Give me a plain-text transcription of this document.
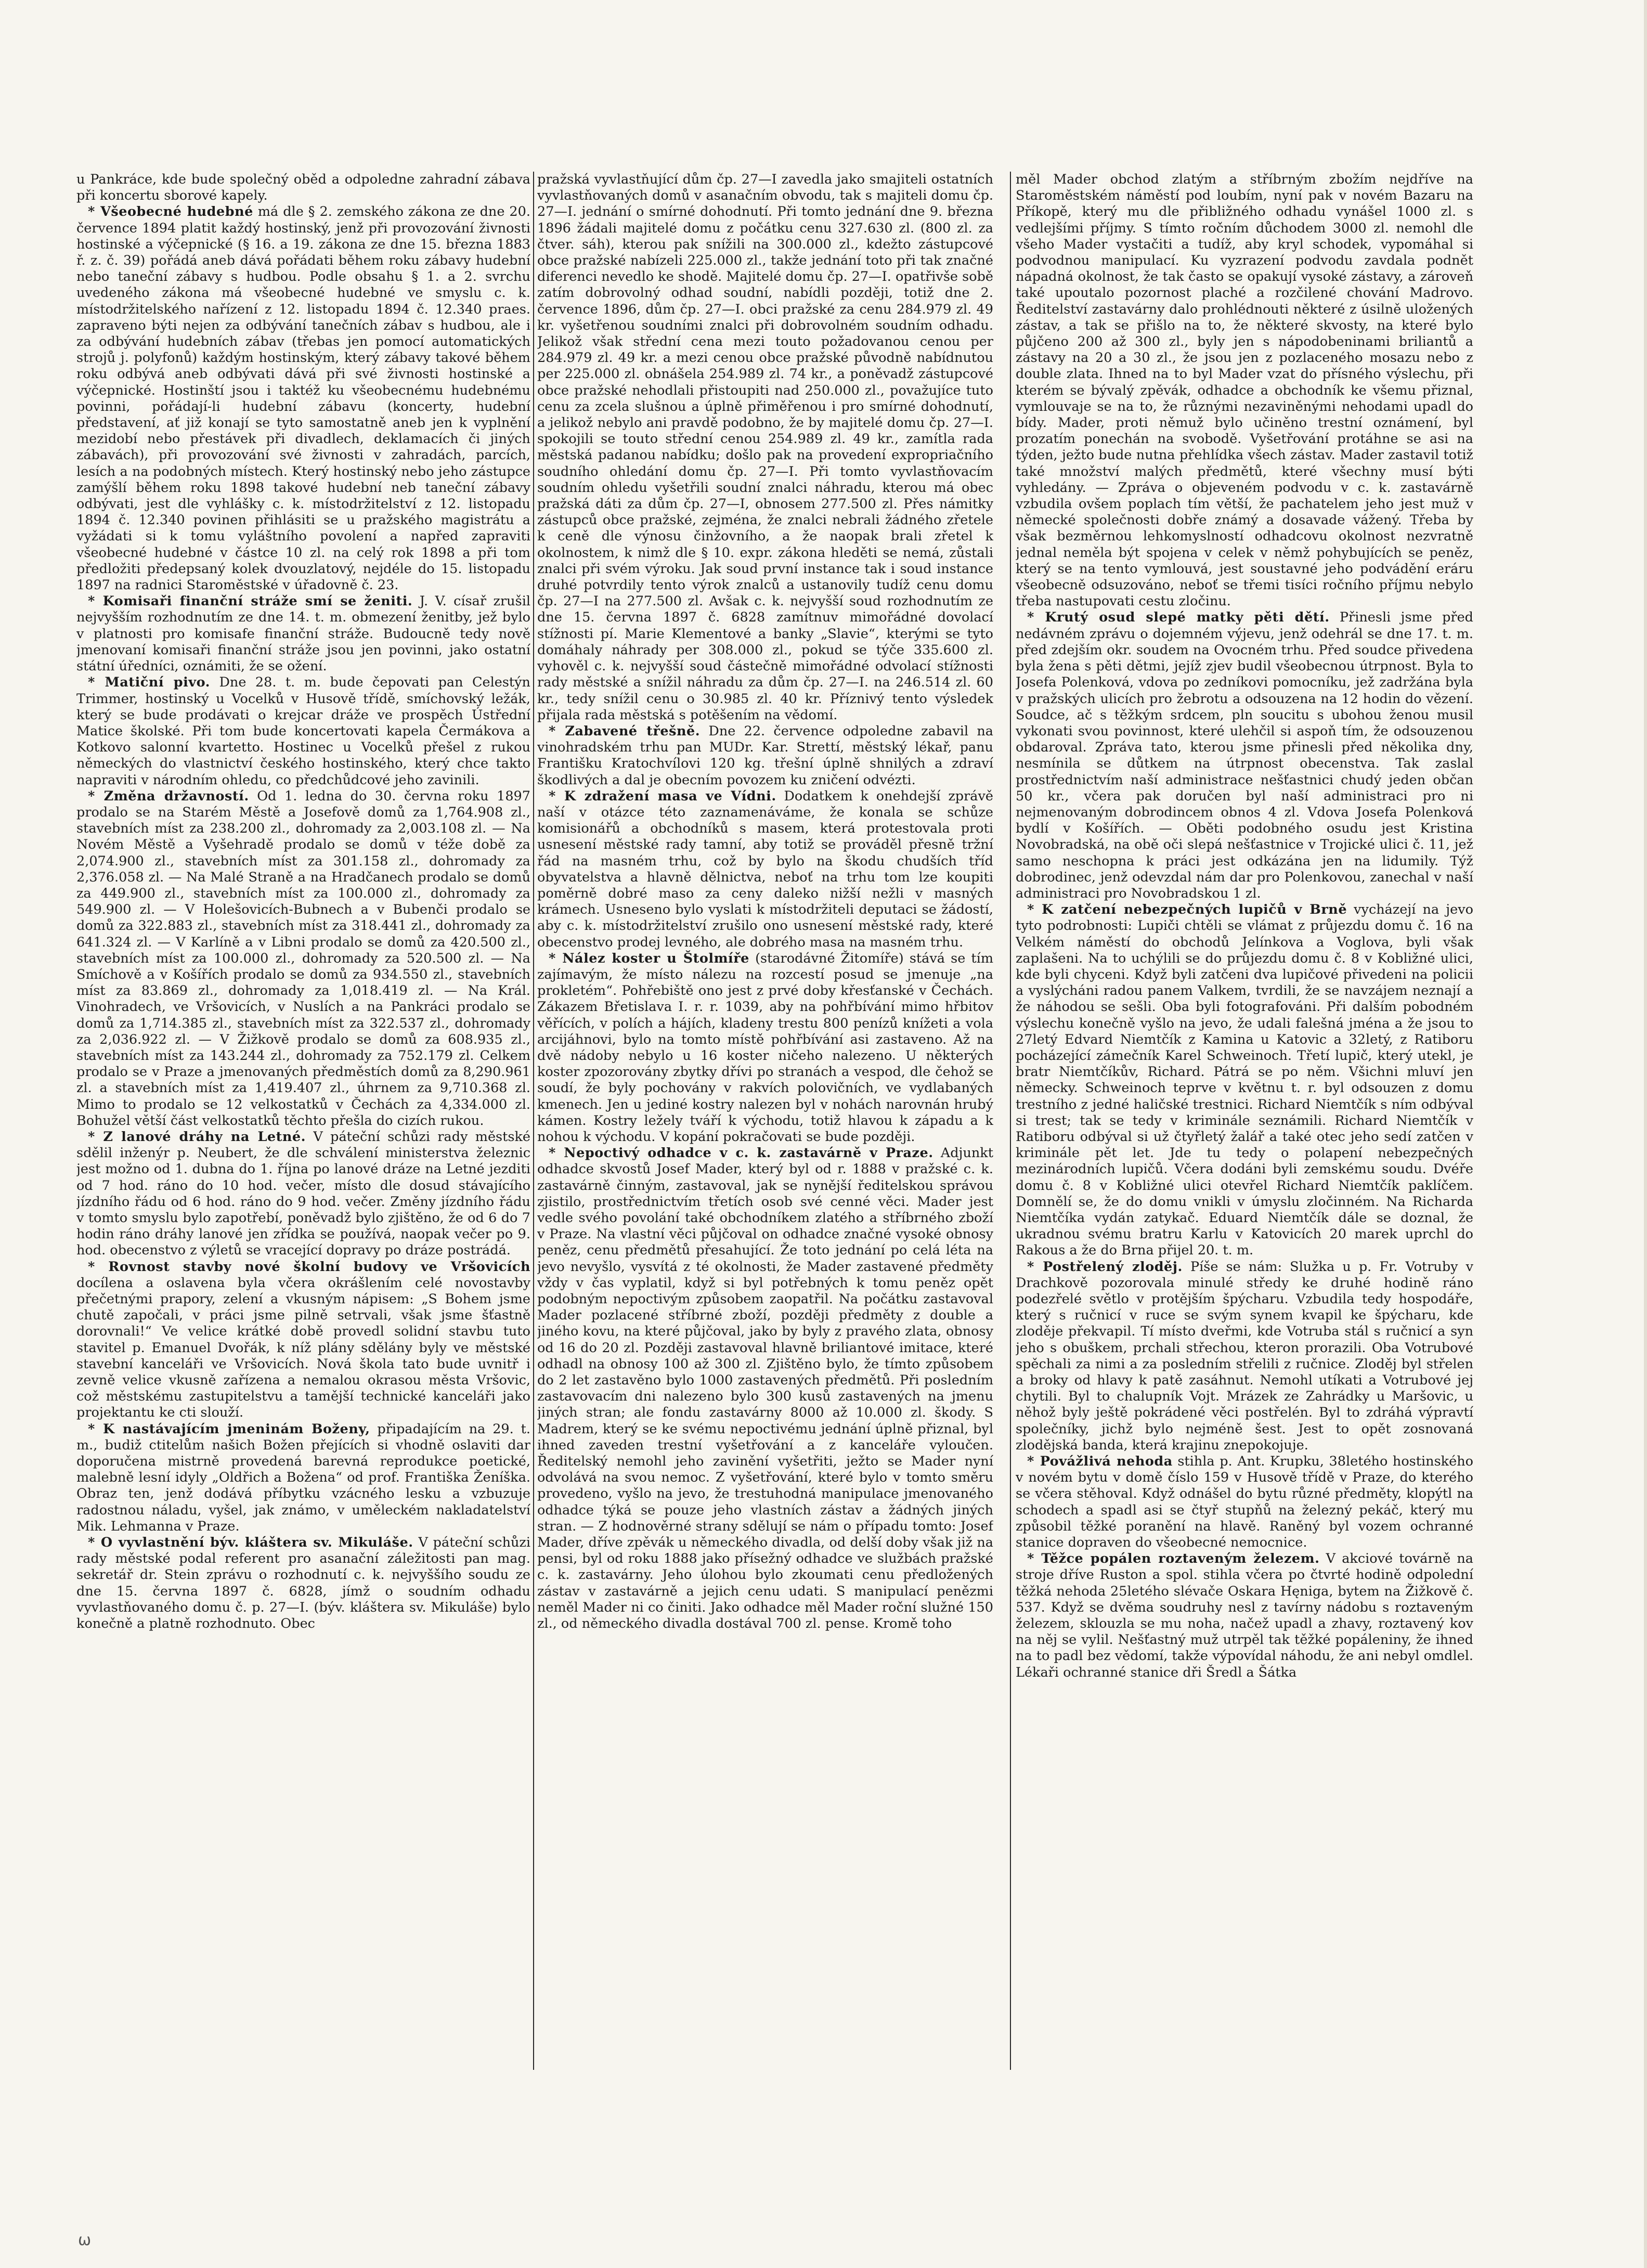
u Pankráce, kde bude společný oběd a odpoledne zahradní zábava při koncertu sborové kapely.

* Všeobecné hudebné má dle § 2. zemského zákona ze dne 20. července 1894 platit každý hostinský, jenž při provozování živnosti hostinské a výčepnické (§ 16. a 19. zákona ze dne 15. března 1883 ř. z. č. 39) pořádá aneb dává pořádati během roku zábavy hudební nebo taneční zábavy s hudbou. Podle obsahu § 1. a 2. svrchu uvedeného zákona má všeobecné hudebné ve smyslu c. k. místodržitelského nařízení z 12. listopadu 1894 č. 12.340 praes. zapraveno býti nejen za odbývání tanečních zábav s hudbou, ale i za odbývání hudebních zábav (třebas jen pomocí automatických strojů j. polyfonů) každým hostinským, který zábavy takové během roku odbývá aneb odbývati dává při své živnosti hostinské a výčepnické. Hostinští jsou i taktéž ku všeobecnému hudebnému povinni, pořádají-li hudební zábavu (koncerty, hudební představení, ať již konají se tyto samostatně aneb jen k vyplnění mezidobí nebo přestávek při divadlech, deklamacích či jiných zábavách), při provozování své živnosti v zahradách, parcích, lesích a na podobných místech. Který hostinský nebo jeho zástupce zamýšlí během roku 1898 takové hudební neb taneční zábavy odbývati, jest dle vyhlášky c. k. místodržitelství z 12. listopadu 1894 č. 12.340 povinen přihlásiti se u pražského magistrátu a vyžádati si k tomu vyláštního povolení a napřed zapraviti všeobecné hudebné v částce 10 zl. na celý rok 1898 a při tom předložiti předepsaný kolek dvouzlatový, nejdéle do 15. listopadu 1897 na radnici Staroměstské v úřadovně č. 23.

* Komisaři finanční stráže smí se ženiti. J. V. císař zrušil nejvyšším rozhodnutím ze dne 14. t. m. obmezení ženitby, jež bylo v platnosti pro komisafe finanční stráže. Budoucně tedy nově jmenovaní komisaři finanční stráže jsou jen povinni, jako ostatní státní úředníci, oznámiti, že se ožení.

* Matiční pivo. Dne 28. t. m. bude čepovati pan Celestýn Trimmer, hostinský u Vocelků v Husově třídě, smíchovský ležák, který se bude prodávati o krejcar dráže ve prospěch Ústřední Matice školské. Při tom bude koncertovati kapela Čermákova a Kotkovo salonní kvartetto. Hostinec u Vocelků přešel z rukou německých do vlastnictví českého hostinského, který chce takto napraviti v národním ohledu, co předchůdcové jeho zavinili.

* Změna državností. Od 1. ledna do 30. června roku 1897 prodalo se na Starém Městě a Josefově domů za 1,764.908 zl., stavebních míst za 238.200 zl., dohromady za 2,003.108 zl. — Na Novém Městě a Vyšehradě prodalo se domů v téže době za 2,074.900 zl., stavebních míst za 301.158 zl., dohromady za 2,376.058 zl. — Na Malé Straně a na Hradčanech prodalo se domů za 449.900 zl., stavebních míst za 100.000 zl., dohromady za 549.900 zl. — V Holešovicích-Bubnech a v Bubenči prodalo se domů za 322.883 zl., stavebních míst za 318.441 zl., dohromady za 641.324 zl. — V Karlíně a v Libni prodalo se domů za 420.500 zl., stavebních míst za 100.000 zl., dohromady za 520.500 zl. — Na Smíchově a v Košířích prodalo se domů za 934.550 zl., stavebních míst za 83.869 zl., dohromady za 1,018.419 zl. — Na Král. Vinohradech, ve Vršovicích, v Nuslích a na Pankráci prodalo se domů za 1,714.385 zl., stavebních míst za 322.537 zl., dohromady za 2,036.922 zl. — V Žižkově prodalo se domů za 608.935 zl., stavebních míst za 143.244 zl., dohromady za 752.179 zl. Celkem prodalo se v Praze a jmenovaných předměstích domů za 8,290.961 zl. a stavebních míst za 1,419.407 zl., úhrnem za 9,710.368 zl. Mimo to prodalo se 12 velkostatků v Čechách za 4,334.000 zl. Bohužel větší část velkostatků těchto přešla do cizích rukou.

* Z lanové dráhy na Letné. V páteční schůzi rady městské sdělil inženýr p. Neubert, že dle schválení ministerstva železnic jest možno od 1. dubna do 1. října po lanové dráze na Letné jezditi od 7 hod. ráno do 10 hod. večer, místo dle dosud stávajícího jízdního řádu od 6 hod. ráno do 9 hod. večer. Změny jízdního řádu v tomto smyslu bylo zapotřebí, poněvadž bylo zjištěno, že od 6 do 7 hodin ráno dráhy lanové jen zřídka se používá, naopak večer po 9. hod. obecenstvo z výletů se vracející dopravy po dráze postrádá.

* Rovnost stavby nové školní budovy ve Vršovicích docílena a oslavena byla včera okrášlením celé novostavby přečetnými prapory, zelení a vkusným nápisem: „S Bohem jsme chutě započali, v práci jsme pilně setrvali, však jsme šťastně dorovnali!“ Ve velice krátké době provedl solidní stavbu tuto stavitel p. Emanuel Dvořák, k níž plány sdělány byly ve městské stavební kanceláři ve Vršovicích. Nová škola tato bude uvnitř i zevně velice vkusně zařízena a nemalou okrasou města Vršovic, což městskému zastupitelstvu a tamější technické kanceláři jako projektantu ke cti slouží.

* K nastávajícím jmeninám Boženy, připadajícím na 29. t. m., budiž ctitelům našich Božen přejících si vhodně oslaviti dar doporučena mistrně provedená barevná reprodukce poetické, malebně lesní idyly „Oldřich a Božena“ od prof. Františka Ženíška. Obraz ten, jenž dodává příbytku vzácného lesku a vzbuzuje radostnou náladu, vyšel, jak známo, v uměleckém nakladatelství Mik. Lehmanna v Praze.

* O vyvlastnění býv. kláštera sv. Mikuláše. V páteční schůzi rady městské podal referent pro asanační záležitosti pan mag. sekretář dr. Stein zprávu o rozhodnutí c. k. nejvyššího soudu ze dne 15. června 1897 č. 6828, jímž o soudním odhadu vyvlastňovaného domu č. p. 27—I. (býv. kláštera sv. Mikuláše) bylo konečně a platně rozhodnuto. Obec

pražská vyvlastňující dům čp. 27—I zavedla jako smajiteli ostatních vyvlastňovaných domů v asanačním obvodu, tak s majiteli domu čp. 27—I. jednání o smírné dohodnutí. Při tomto jednání dne 9. března 1896 žádali majitelé domu z počátku cenu 327.630 zl. (800 zl. za čtver. sáh), kterou pak snížili na 300.000 zl., kdežto zástupcové obce pražské nabízeli 225.000 zl., takže jednání toto při tak značné diferenci nevedlo ke shodě. Majitelé domu čp. 27—I. opatřivše sobě zatím dobrovolný odhad soudní, nabídli později, totiž dne 2. července 1896, dům čp. 27—I. obci pražské za cenu 284.979 zl. 49 kr. vyšetřenou soudními znalci při dobrovolném soudním odhadu. Jelikož však střední cena mezi touto požadovanou cenou per 284.979 zl. 49 kr. a mezi cenou obce pražské původně nabídnutou per 225.000 zl. obnášela 254.989 zl. 74 kr., a poněvadž zástupcové obce pražské nehodlali přistoupiti nad 250.000 zl., považujíce tuto cenu za zcela slušnou a úplně přiměřenou i pro smírné dohodnutí, a jelikož nebylo ani pravdě podobno, že by majitelé domu čp. 27—I. spokojili se touto střední cenou 254.989 zl. 49 kr., zamítla rada městská padanou nabídku; došlo pak na provedení expropriačního soudního ohledání domu čp. 27—I. Při tomto vyvlastňovacím soudním ohledu vyšetřili soudní znalci náhradu, kterou má obec pražská dáti za dům čp. 27—I, obnosem 277.500 zl. Přes námitky zástupců obce pražské, zejména, že znalci nebrali žádného zřetele k ceně dle výnosu činžovního, a že naopak brali zřetel k okolnostem, k nimž dle § 10. expr. zákona hleděti se nemá, zůstali znalci při svém výroku. Jak soud první instance tak i soud instance druhé potvrdily tento výrok znalců a ustanovily tudíž cenu domu čp. 27—I na 277.500 zl. Avšak c. k. nejvyšší soud rozhodnutím ze dne 15. června 1897 č. 6828 zamítnuv mimořádné dovolací stížnosti pí. Marie Klementové a banky „Slavie“, kterými se tyto domáhaly náhrady per 308.000 zl., pokud se týče 335.600 zl. vyhověl c. k. nejvyšší soud částečně mimořádné odvolací stížnosti rady městské a snížil náhradu za dům čp. 27—I. na 246.514 zl. 60 kr., tedy snížil cenu o 30.985 zl. 40 kr. Příznivý tento výsledek přijala rada městská s potěšením na vědomí.

* Zabavené třešně. Dne 22. července odpoledne zabavil na vinohradském trhu pan MUDr. Kar. Strettí, městský lékař, panu Františku Kratochvílovi 120 kg. třešní úplně shnilých a zdraví škodlivých a dal je obecním povozem ku zničení odvézti.

* K zdražení masa ve Vídni. Dodatkem k onehdejší zprávě naší v otázce této zaznamenáváme, že konala se schůze komisionářů a obchodníků s masem, která protestovala proti usnesení městské rady tamní, aby totiž se prováděl přesně tržní řád na masném trhu, což by bylo na škodu chudších tříd obyvatelstva a hlavně dělnictva, neboť na trhu tom lze koupiti poměrně dobré maso za ceny daleko nižší nežli v masných krámech. Usneseno bylo vyslati k místodržiteli deputaci se žádostí, aby c. k. místodržitelství zrušilo ono usnesení městské rady, které obecenstvo prodej levného, ale dobrého masa na masném trhu.

* Nález koster u Štolmíře (starodávné Žitomíře) stává se tím zajímavým, že místo nálezu na rozcestí posud se jmenuje „na prokletém“. Pohřebiště ono jest z prvé doby křesťanské v Čechách. Zákazem Břetislava I. r. r. 1039, aby na pohřbívání mimo hřbitov věřících, v polích a hájích, kladeny trestu 800 penízů knížeti a vola arcijáhnovi, bylo na tomto místě pohřbívání asi zastaveno. Až na dvě nádoby nebylo u 16 koster ničeho nalezeno. U některých koster zpozorovány zbytky dřívi po stranách a vespod, dle čehož se soudí, že byly pochovány v rakvích polovičních, ve vydlabaných kmenech. Jen u jediné kostry nalezen byl v nohách narovnán hrubý kámen. Kostry ležely tváří k východu, totiž hlavou k západu a k nohou k východu. V kopání pokračovati se bude později.

* Nepoctivý odhadce v c. k. zastavárně v Praze. Adjunkt odhadce skvostů Josef Mader, který byl od r. 1888 v pražské c. k. zastavárně činným, zastavoval, jak se nynější ředitelskou správou zjistilo, prostřednictvím třetích osob své cenné věci. Mader jest vedle svého povolání také obchodníkem zlatého a stříbrného zboží v Praze. Na vlastní věci půjčoval on odhadce značné vysoké obnosy peněz, cenu předmětů přesahující. Že toto jednání po celá léta na jevo nevyšlo, vysvítá z té okolnosti, že Mader zastavené předměty vždy v čas vyplatil, když si byl potřebných k tomu peněz opět podobným nepoctivým způsobem zaopatřil. Na počátku zastavoval Mader pozlacené stříbrné zboží, později předměty z double a jiného kovu, na které půjčoval, jako by byly z pravého zlata, obnosy od 16 do 20 zl. Později zastavoval hlavně briliantové imitace, které odhadl na obnosy 100 až 300 zl. Zjištěno bylo, že tímto způsobem do 2 let zastavěno bylo 1000 zastavených předmětů. Při posledním zastavovacím dni nalezeno bylo 300 kusů zastavených na jmenu jiných stran; ale fondu zastavárny 8000 až 10.000 zl. škody. S Madrem, který se ke svému nepoctivému jednání úplně přiznal, byl ihned zaveden trestní vyšetřování a z kanceláře vyloučen. Ředitelský nemohl jeho zavinění vyšetřiti, ježto se Mader nyní odvolává na svou nemoc. Z vyšetřování, které bylo v tomto směru provedeno, vyšlo na jevo, že trestuhodná manipulace jmenovaného odhadce týká se pouze jeho vlastních zástav a žádných jiných stran. — Z hodnověrné strany sdělují se nám o případu tomto: Josef Mader, dříve zpěvák u německého divadla, od delší doby však již na pensi, byl od roku 1888 jako přísežný odhadce ve službách pražské c. k. zastavárny. Jeho úlohou bylo zkoumati cenu předložených zástav v zastavárně a jejich cenu udati. S manipulací penězmi neměl Mader ni co činiti. Jako odhadce měl Mader roční služné 150 zl., od německého divadla dostával 700 zl. pense. Kromě toho

měl Mader obchod zlatým a stříbrným zbožím nejdříve na Staroměstském náměstí pod loubím, nyní pak v novém Bazaru na Příkopě, který mu dle přibližného odhadu vynášel 1000 zl. s vedlejšími příjmy. S tímto ročním důchodem 3000 zl. nemohl dle všeho Mader vystačiti a tudíž, aby kryl schodek, vypomáhal si podvodnou manipulací. Ku vyzrazení podvodu zavdala podnět nápadná okolnost, že tak často se opakují vysoké zástavy, a zároveň také upoutalo pozornost plaché a rozčilené chování Madrovo. Ředitelství zastavárny dalo prohlédnouti některé z úsilně uložených zástav, a tak se přišlo na to, že některé skvosty, na které bylo půjčeno 200 až 300 zl., byly jen s nápodobeninami briliantů a zástavy na 20 a 30 zl., že jsou jen z pozlaceného mosazu nebo z double zlata. Ihned na to byl Mader vzat do přísného výslechu, při kterém se bývalý zpěvák, odhadce a obchodník ke všemu přiznal, vymlouvaje se na to, že různými nezaviněnými nehodami upadl do bídy. Mader, proti němuž bylo učiněno trestní oznámení, byl prozatím ponechán na svobodě. Vyšetřování protáhne se asi na týden, ježto bude nutna přehlídka všech zástav. Mader zastavil totiž také množství malých předmětů, které všechny musí býti vyhledány. — Zpráva o objeveném podvodu v c. k. zastavárně vzbudila ovšem poplach tím větší, že pachatelem jeho jest muž v německé společnosti dobře známý a dosavade vážený. Třeba by však bezměrnou lehkomyslností odhadcovu okolnost nezvratně jednal neměla být spojena v celek v němž pohybujících se peněz, který se na tento vymlouvá, jest soustavné jeho podvádění eráru všeobecně odsuzováno, neboť se třemi tisíci ročního příjmu nebylo třeba nastupovati cestu zločinu.

* Krutý osud slepé matky pěti dětí. Přinesli jsme před nedávném zprávu o dojemném výjevu, jenž odehrál se dne 17. t. m. před zdejším okr. soudem na Ovocném trhu. Před soudce přivedena byla žena s pěti dětmi, jejíž zjev budil všeobecnou útrpnost. Byla to Josefa Polenková, vdova po zedníkovi pomocníku, jež zadržána byla v pražských ulicích pro žebrotu a odsouzena na 12 hodin do vězení. Soudce, ač s těžkým srdcem, pln soucitu s ubohou ženou musil vykonati svou povinnost, které ulehčil si aspoň tím, že odsouzenou obdaroval. Zpráva tato, kterou jsme přinesli před několika dny, nesmínila se důtkem na útrpnost obecenstva. Tak zaslal prostřednictvím naší administrace nešťastnici chudý jeden občan 50 kr., včera pak doručen byl naší administraci pro ni nejmenovaným dobrodincem obnos 4 zl. Vdova Josefa Polenková bydlí v Košířích. — Oběti podobného osudu jest Kristina Novobradská, na obě oči slepá nešťastnice v Trojické ulici č. 11, jež samo neschopna k práci jest odkázána jen na lidumily. Týž dobrodinec, jenž odevzdal nám dar pro Polenkovou, zanechal v naší administraci pro Novobradskou 1 zl.

* K zatčení nebezpečných lupičů v Brně vycházejí na jevo tyto podrobnosti: Lupiči chtěli se vlámat z průjezdu domu č. 16 na Velkém náměstí do obchodů Jelínkova a Voglova, byli však zaplašeni. Na to uchýlili se do průjezdu domu č. 8 v Kobližné ulici, kde byli chyceni. Když byli zatčeni dva lupičové přivedeni na policii a vyslýcháni radou panem Valkem, tvrdili, že se navzájem neznají a že náhodou se sešli. Oba byli fotografováni. Při dalším pobodném výslechu konečně vyšlo na jevo, že udali falešná jména a že jsou to 27letý Edvard Niemtčík z Kamina u Katovic a 32letý, z Ratiboru pocházející zámečník Karel Schweinoch. Třetí lupič, který utekl, je bratr Niemtčíkův, Richard. Pátrá se po něm. Všichni mluví jen německy. Schweinoch teprve v květnu t. r. byl odsouzen z domu trestního z jedné haličské trestnici. Richard Niemtčík s ním odbýval si trest; tak se tedy v kriminále seznámili. Richard Niemtčík v Ratiboru odbýval si už čtyřletý žalář a také otec jeho sedí zatčen v kriminále pět let. Jde tu tedy o polapení nebezpečných mezinárodních lupičů. Včera dodáni byli zemskému soudu. Dvéře domu č. 8 v Kobližné ulici otevřel Richard Niemtčík paklíčem. Domnělí se, že do domu vnikli v úmyslu zločinném. Na Richarda Niemtčíka vydán zatykač. Eduard Niemtčík dále se doznal, že ukradnou svému bratru Karlu v Katovicích 20 marek uprchl do Rakous a že do Brna přijel 20. t. m.

* Postřelený zloděj. Píše se nám: Služka u p. Fr. Votruby v Drachkově pozorovala minulé středy ke druhé hodině ráno podezřelé světlo v protějším špýcharu. Vzbudila tedy hospodáře, který s ručnicí v ruce se svým synem kvapil ke špýcharu, kde zloděje překvapil. Tí místo dveřmi, kde Votruba stál s ručnicí a syn jeho s obuškem, prchali střechou, kteron prorazili. Oba Votrubové spěchali za nimi a za posledním střelili z ručnice. Zloděj byl střelen a broky od hlavy k patě zasáhnut. Nemohl utíkati a Votrubové jej chytili. Byl to chalupník Vojt. Mrázek ze Zahrádky u Maršovic, u něhož byly ještě pokrádené věci postřelén. Byl to zdráhá výpravtí společníky, jichž bylo nejméně šest. Jest to opět zosnovaná zlodějská banda, která krajinu znepokojuje.

* Povážlivá nehoda stihla p. Ant. Krupku, 38letého hostinského v novém bytu v domě číslo 159 v Husově třídě v Praze, do kterého se včera stěhoval. Když odnášel do bytu různé předměty, klopýtl na schodech a spadl asi se čtyř stupňů na železný pekáč, který mu způsobil těžké poranění na hlavě. Raněný byl vozem ochranné stanice dopraven do všeobecné nemocnice.

* Těžce popálen roztaveným železem. V akciové továrně na stroje dříve Ruston a spol. stihla včera po čtvrté hodině odpolední těžká nehoda 25letého slévače Oskara Hęniga, bytem na Žižkově č. 537. Když se dvěma soudruhy nesl z tavírny nádobu s roztaveným železem, sklouzla se mu noha, načež upadl a zhavy, roztavený kov na něj se vylil. Nešťastný muž utrpěl tak těžké popáleniny, že ihned na to padl bez vědomí, takže výpovídal náhodu, že ani nebyl omdlel. Lékaři ochranné stanice dři Šredl a Šátka

ω
